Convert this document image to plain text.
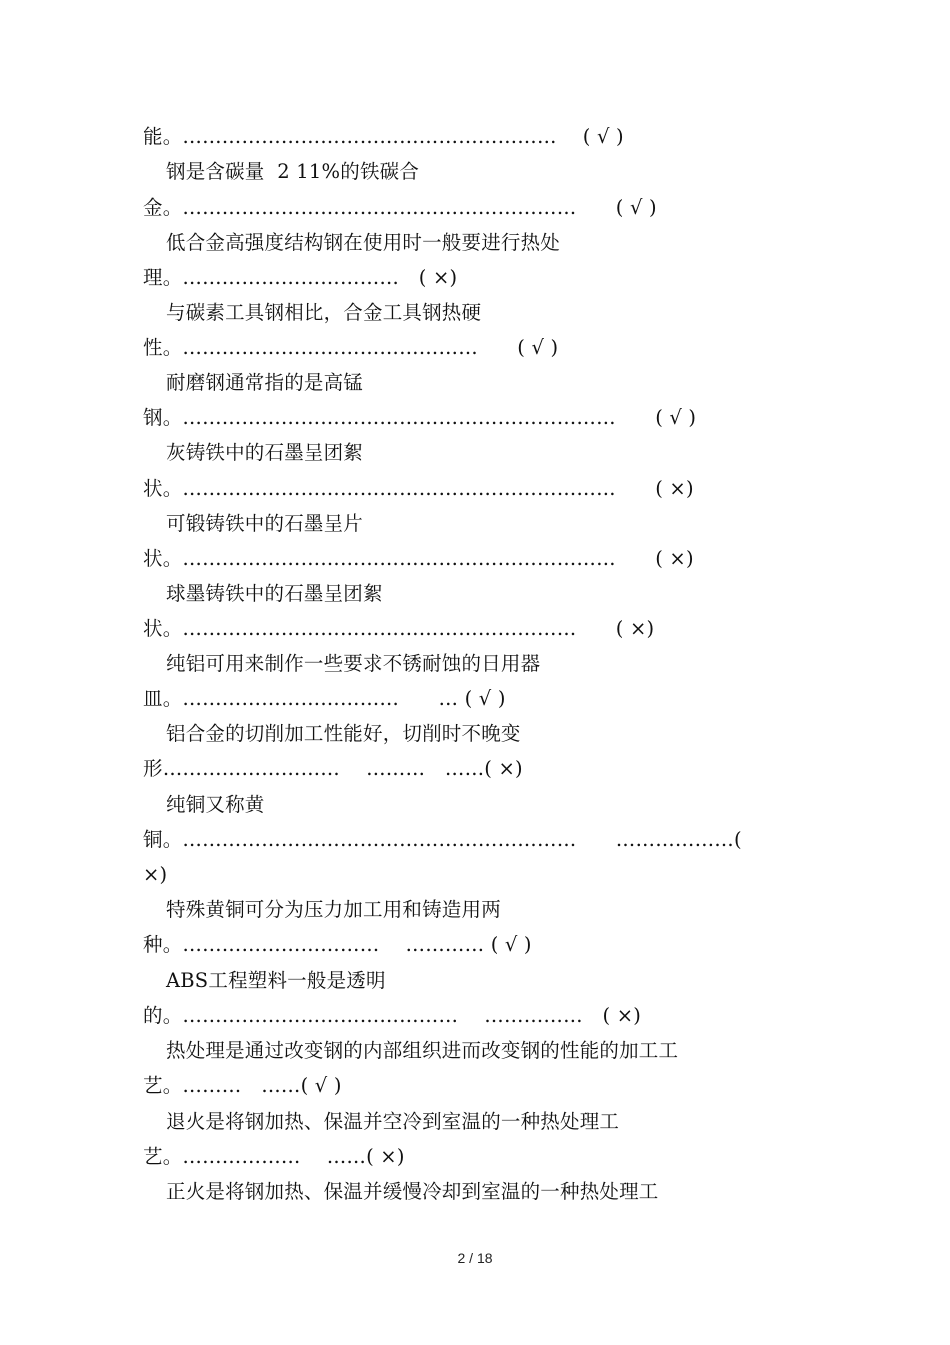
能。…………………………………………………　 ( √ )
钢是含碳量  2 11%的铁碳合
金。……………………………………………………　　( √ )
低合金高强度结构钢在使用时一般要进行热处
理。……………………………　( ×)
与碳素工具钢相比，合金工具钢热硬
性。………………………………………　　( √ )
耐磨钢通常指的是高锰
钢。…………………………………………………………　　( √ )
灰铸铁中的石墨呈团絮
状。…………………………………………………………　　( ×)
可锻铸铁中的石墨呈片
状。…………………………………………………………　　( ×)
球墨铸铁中的石墨呈团絮
状。……………………………………………………　　( ×)
纯铝可用来制作一些要求不锈耐蚀的日用器
皿。……………………………　　… ( √ )
铝合金的切削加工性能好，切削时不晚变
形………………………　 ………　……( ×)
纯铜又称黄
铜。……………………………………………………　　………………(
×)
特殊黄铜可分为压力加工用和铸造用两
种。…………………………　 ………… ( √ )
ABS工程塑料一般是透明
的。……………………………………　 ……………　( ×)
热处理是通过改变钢的内部组织进而改变钢的性能的加工工
艺。………　……( √ )
退火是将钢加热、保温并空冷到室温的一种热处理工
艺。………………　 ……( ×)
正火是将钢加热、保温并缓慢冷却到室温的一种热处理工
2 / 18
